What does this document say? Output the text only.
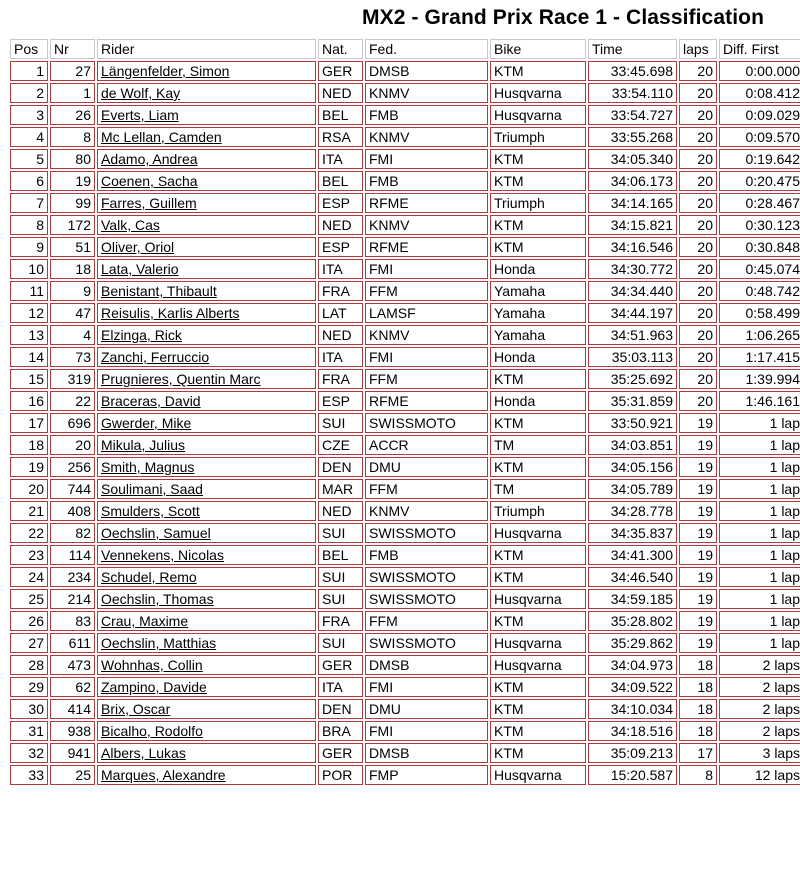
MX2 - Grand Prix Race 1 - Classification
Pos	Nr	Rider	Nat.	Fed.	Bike	Time	laps	Diff. First
1	27	Längenfelder, Simon	GER	DMSB	KTM	33:45.698	20	0:00.000
2	1	de Wolf, Kay	NED	KNMV	Husqvarna	33:54.110	20	0:08.412
3	26	Everts, Liam	BEL	FMB	Husqvarna	33:54.727	20	0:09.029
4	8	Mc Lellan, Camden	RSA	KNMV	Triumph	33:55.268	20	0:09.570
5	80	Adamo, Andrea	ITA	FMI	KTM	34:05.340	20	0:19.642
6	19	Coenen, Sacha	BEL	FMB	KTM	34:06.173	20	0:20.475
7	99	Farres, Guillem	ESP	RFME	Triumph	34:14.165	20	0:28.467
8	172	Valk, Cas	NED	KNMV	KTM	34:15.821	20	0:30.123
9	51	Oliver, Oriol	ESP	RFME	KTM	34:16.546	20	0:30.848
10	18	Lata, Valerio	ITA	FMI	Honda	34:30.772	20	0:45.074
11	9	Benistant, Thibault	FRA	FFM	Yamaha	34:34.440	20	0:48.742
12	47	Reisulis, Karlis Alberts	LAT	LAMSF	Yamaha	34:44.197	20	0:58.499
13	4	Elzinga, Rick	NED	KNMV	Yamaha	34:51.963	20	1:06.265
14	73	Zanchi, Ferruccio	ITA	FMI	Honda	35:03.113	20	1:17.415
15	319	Prugnieres, Quentin Marc	FRA	FFM	KTM	35:25.692	20	1:39.994
16	22	Braceras, David	ESP	RFME	Honda	35:31.859	20	1:46.161
17	696	Gwerder, Mike	SUI	SWISSMOTO	KTM	33:50.921	19	1 lap
18	20	Mikula, Julius	CZE	ACCR	TM	34:03.851	19	1 lap
19	256	Smith, Magnus	DEN	DMU	KTM	34:05.156	19	1 lap
20	744	Soulimani, Saad	MAR	FFM	TM	34:05.789	19	1 lap
21	408	Smulders, Scott	NED	KNMV	Triumph	34:28.778	19	1 lap
22	82	Oechslin, Samuel	SUI	SWISSMOTO	Husqvarna	34:35.837	19	1 lap
23	114	Vennekens, Nicolas	BEL	FMB	KTM	34:41.300	19	1 lap
24	234	Schudel, Remo	SUI	SWISSMOTO	KTM	34:46.540	19	1 lap
25	214	Oechslin, Thomas	SUI	SWISSMOTO	Husqvarna	34:59.185	19	1 lap
26	83	Crau, Maxime	FRA	FFM	KTM	35:28.802	19	1 lap
27	611	Oechslin, Matthias	SUI	SWISSMOTO	Husqvarna	35:29.862	19	1 lap
28	473	Wohnhas, Collin	GER	DMSB	Husqvarna	34:04.973	18	2 laps
29	62	Zampino, Davide	ITA	FMI	KTM	34:09.522	18	2 laps
30	414	Brix, Oscar	DEN	DMU	KTM	34:10.034	18	2 laps
31	938	Bicalho, Rodolfo	BRA	FMI	KTM	34:18.516	18	2 laps
32	941	Albers, Lukas	GER	DMSB	KTM	35:09.213	17	3 laps
33	25	Marques, Alexandre	POR	FMP	Husqvarna	15:20.587	8	12 laps
